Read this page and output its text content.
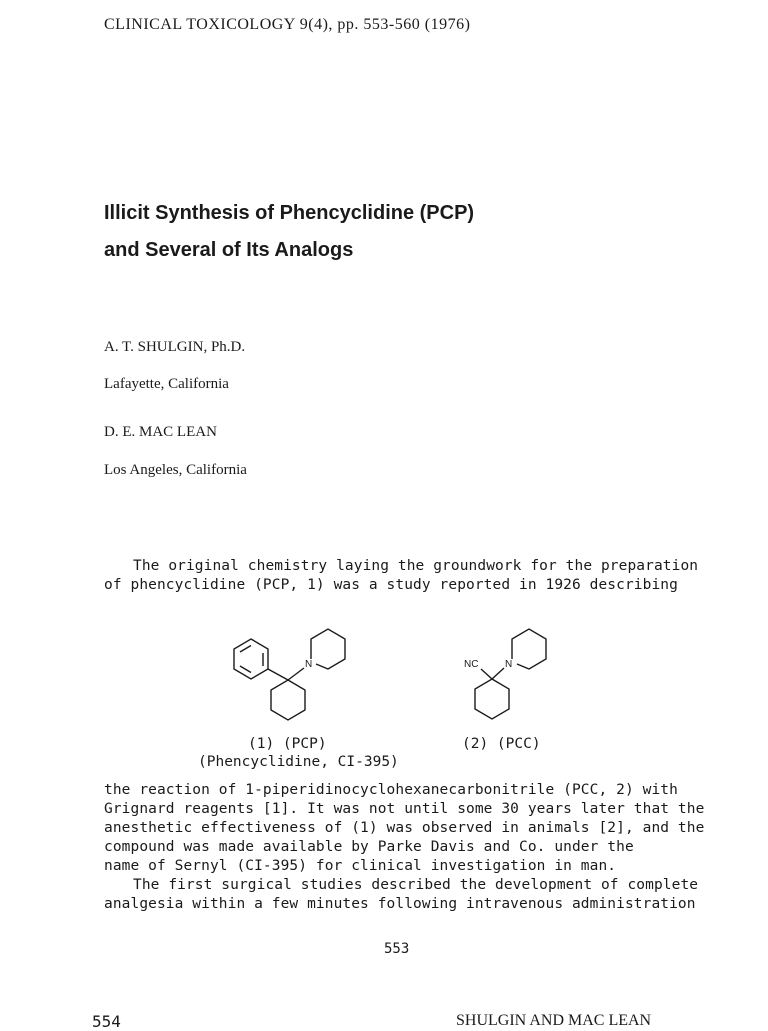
CLINICAL TOXICOLOGY 9(4), pp. 553-560 (1976)
Illicit Synthesis of Phencyclidine (PCP)
and Several of Its Analogs
A. T. SHULGIN, Ph.D.
Lafayette, California
D. E. MAC LEAN
Los Angeles, California
The original chemistry laying the groundwork for the preparation
of phencyclidine (PCP, 1) was a study reported in 1926 describing
N	NC	N
(1) (PCP)
(Phencyclidine, CI-395)
(2) (PCC)
the reaction of 1-piperidinocyclohexanecarbonitrile (PCC, 2) with
Grignard reagents [1]. It was not until some 30 years later that the
anesthetic effectiveness of (1) was observed in animals [2], and the
compound was made available by Parke Davis and Co. under the
name of Sernyl (CI-395) for clinical investigation in man.
The first surgical studies described the development of complete
analgesia within a few minutes following intravenous administration
553
554	SHULGIN AND MAC LEAN
